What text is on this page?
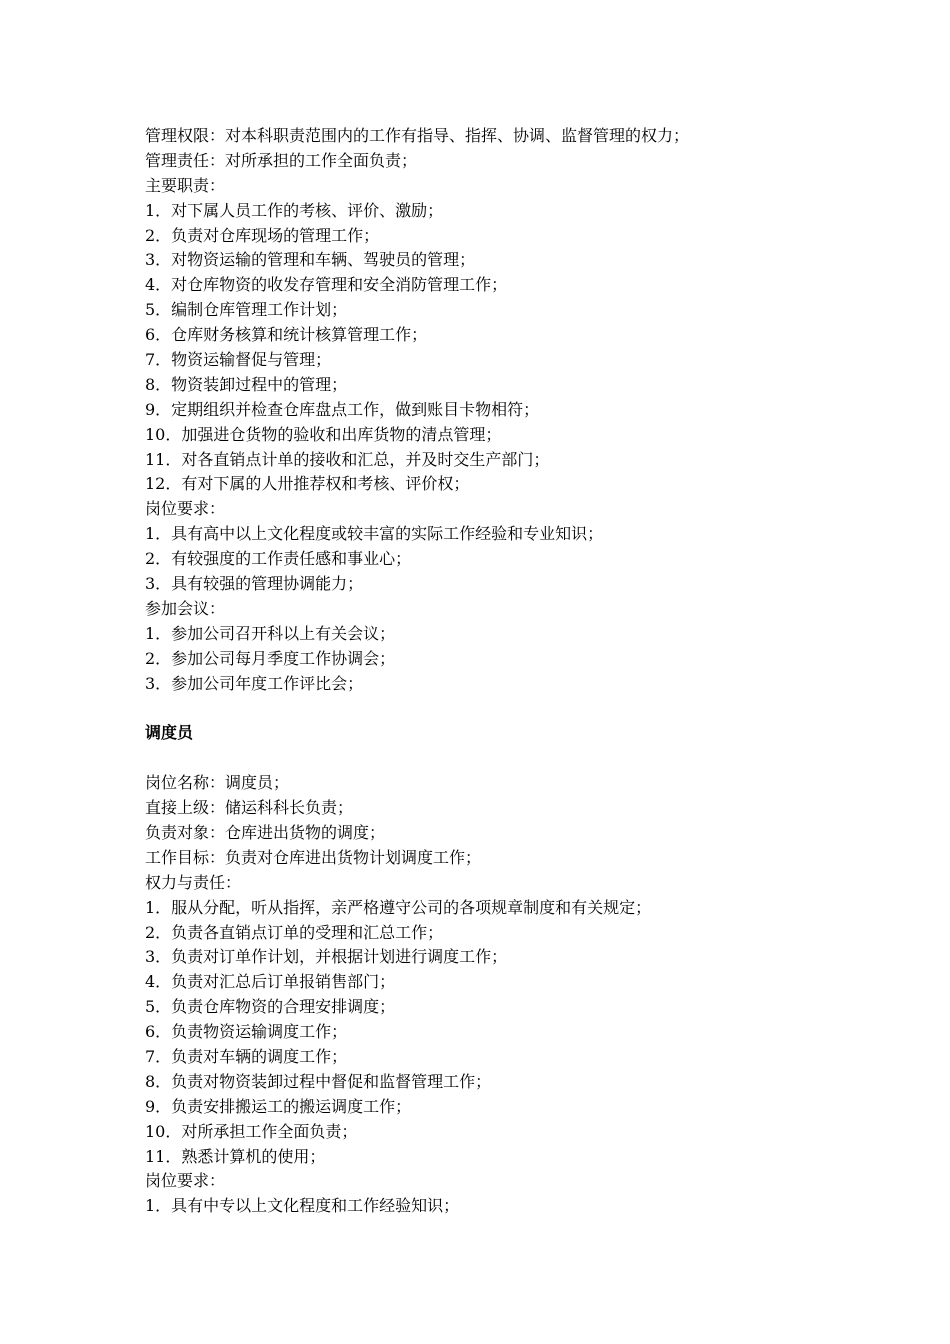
管理权限：对本科职责范围内的工作有指导、指挥、协调、监督管理的权力；
管理责任：对所承担的工作全面负责；
主要职责：
1．对下属人员工作的考核、评价、激励；
2．负责对仓库现场的管理工作；
3．对物资运输的管理和车辆、驾驶员的管理；
4．对仓库物资的收发存管理和安全消防管理工作；
5．编制仓库管理工作计划；
6．仓库财务核算和统计核算管理工作；
7．物资运输督促与管理；
8．物资装卸过程中的管理；
9．定期组织并检查仓库盘点工作，做到账目卡物相符；
10．加强进仓货物的验收和出库货物的清点管理；
11．对各直销点计单的接收和汇总，并及时交生产部门；
12．有对下属的人卅推荐权和考核、评价权；
岗位要求：
1．具有高中以上文化程度或较丰富的实际工作经验和专业知识；
2．有较强度的工作责任感和事业心；
3．具有较强的管理协调能力；
参加会议：
1．参加公司召开科以上有关会议；
2．参加公司每月季度工作协调会；
3．参加公司年度工作评比会；
调度员
岗位名称：调度员；
直接上级：储运科科长负责；
负责对象：仓库进出货物的调度；
工作目标：负责对仓库进出货物计划调度工作；
权力与责任：
1．服从分配，听从指挥，亲严格遵守公司的各项规章制度和有关规定；
2．负责各直销点订单的受理和汇总工作；
3．负责对订单作计划，并根据计划进行调度工作；
4．负责对汇总后订单报销售部门；
5．负责仓库物资的合理安排调度；
6．负责物资运输调度工作；
7．负责对车辆的调度工作；
8．负责对物资装卸过程中督促和监督管理工作；
9．负责安排搬运工的搬运调度工作；
10．对所承担工作全面负责；
11．熟悉计算机的使用；
岗位要求：
1．具有中专以上文化程度和工作经验知识；
